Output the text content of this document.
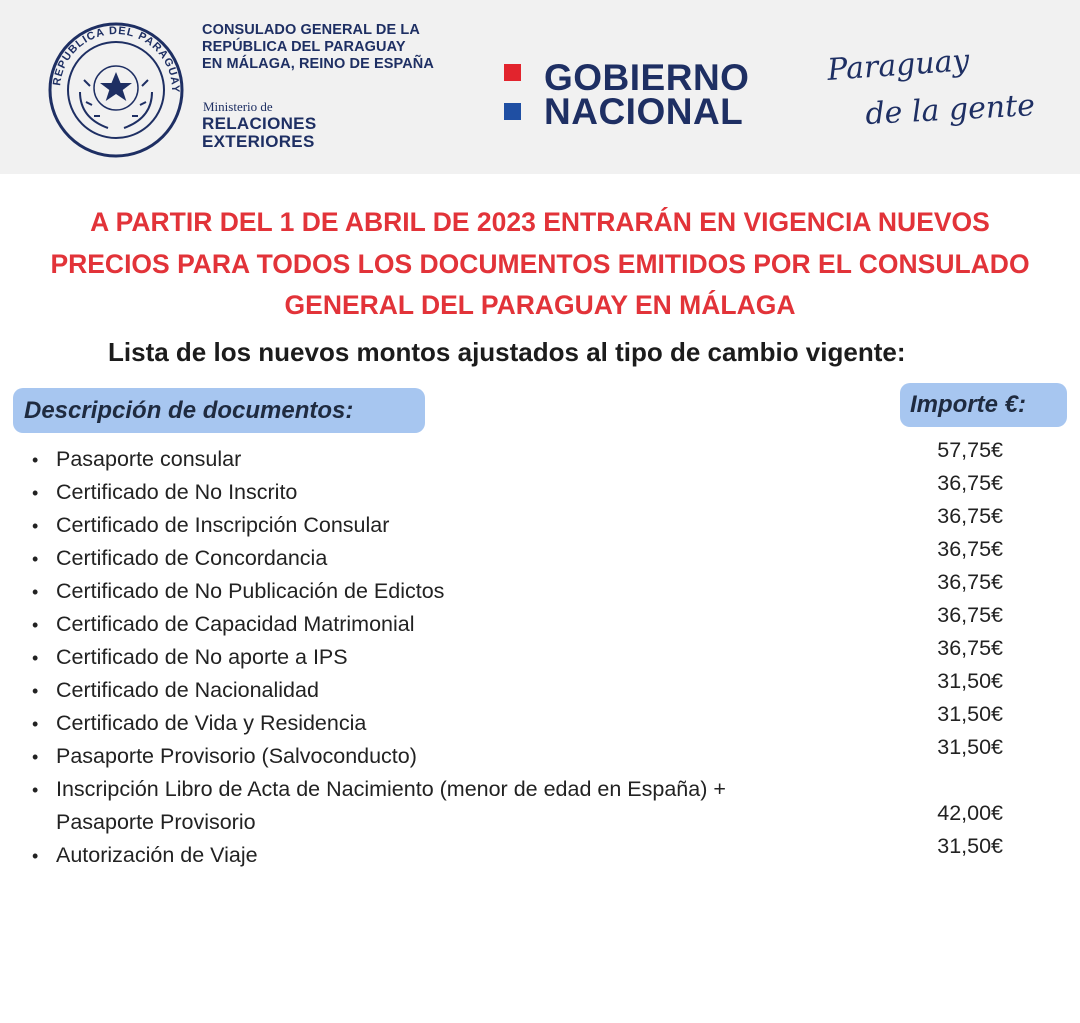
REPUBLICA DEL PARAGUAY
CONSULADO GENERAL DE LA
REPÚBLICA DEL PARAGUAY
EN MÁLAGA, REINO DE ESPAÑA
Ministerio de
RELACIONES
EXTERIORES
GOBIERNO
NACIONAL
Paraguay
de la gente
A PARTIR DEL 1 DE ABRIL DE 2023 ENTRARÁN EN VIGENCIA NUEVOS
PRECIOS PARA TODOS LOS DOCUMENTOS EMITIDOS POR EL CONSULADO
GENERAL DEL PARAGUAY EN MÁLAGA
Lista de los nuevos montos ajustados al tipo de cambio vigente:
Descripción de documentos:	Importe €:
• Pasaporte consular	57,75€
• Certificado de No Inscrito	36,75€
• Certificado de Inscripción Consular	36,75€
• Certificado de Concordancia	36,75€
• Certificado de No Publicación de Edictos	36,75€
• Certificado de Capacidad Matrimonial	36,75€
• Certificado de No aporte a IPS	36,75€
• Certificado de Nacionalidad	31,50€
• Certificado de Vida y Residencia	31,50€
• Pasaporte Provisorio (Salvoconducto)	31,50€
• Inscripción Libro de Acta de Nacimiento (menor de edad en España) +
Pasaporte Provisorio	42,00€
• Autorización de Viaje	31,50€
